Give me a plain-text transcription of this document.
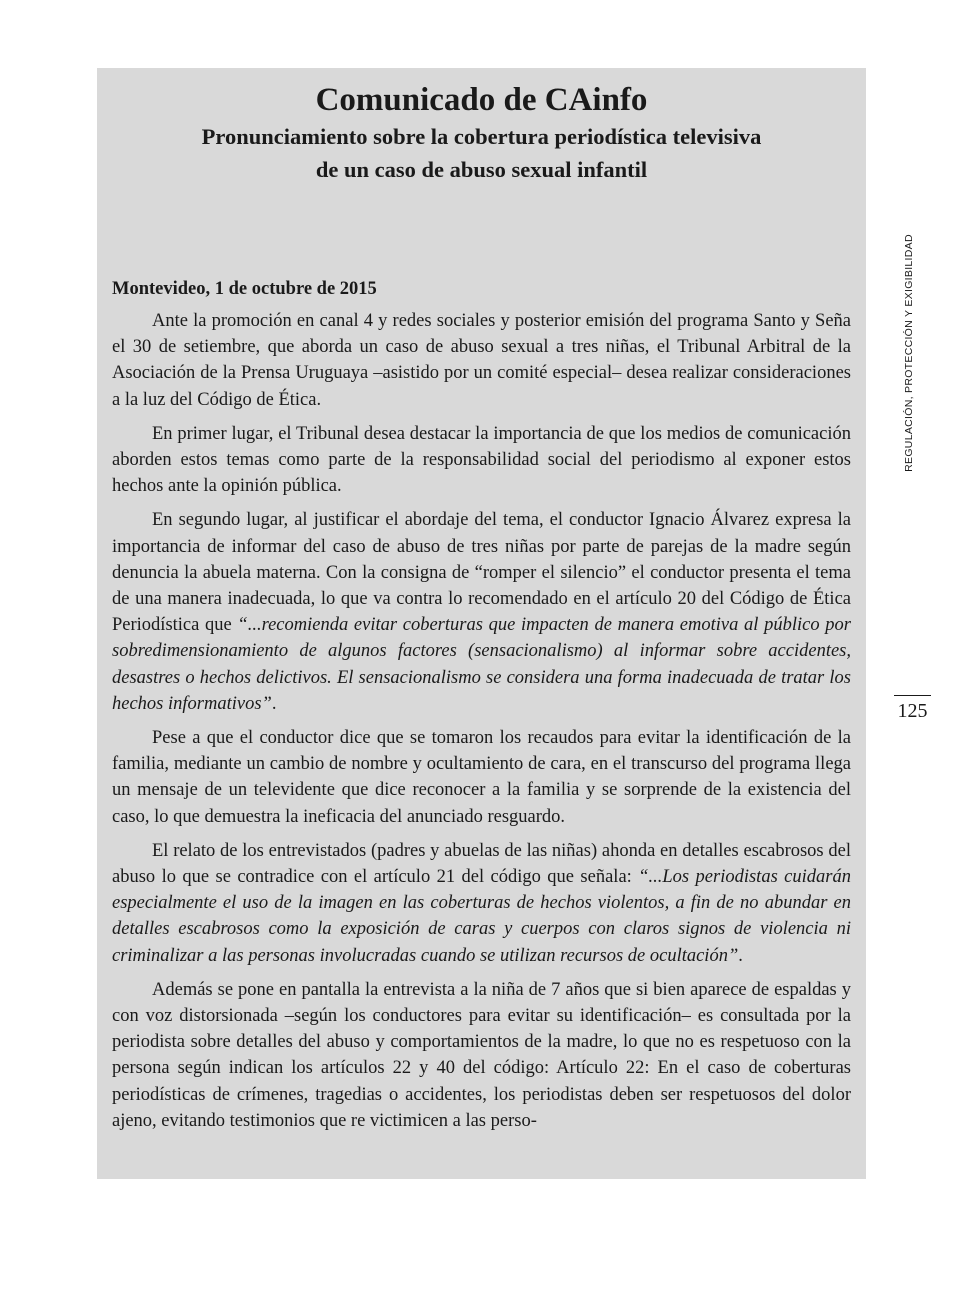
Comunicado de CAinfo
Pronunciamiento sobre la cobertura periodística televisiva de un caso de abuso sexual infantil

Montevideo, 1 de octubre de 2015

Ante la promoción en canal 4 y redes sociales y posterior emisión del programa Santo y Seña el 30 de setiembre, que aborda un caso de abuso sexual a tres niñas, el Tribunal Arbitral de la Asociación de la Prensa Uruguaya –asistido por un comité especial– desea realizar consideraciones a la luz del Código de Ética.

En primer lugar, el Tribunal desea destacar la importancia de que los medios de comunicación aborden estos temas como parte de la responsabilidad social del periodismo al exponer estos hechos ante la opinión pública.

En segundo lugar, al justificar el abordaje del tema, el conductor Ignacio Álvarez expresa la importancia de informar del caso de abuso de tres niñas por parte de parejas de la madre según denuncia la abuela materna. Con la consigna de “romper el silencio” el conductor presenta el tema de una manera inadecuada, lo que va contra lo recomendado en el artículo 20 del Código de Ética Periodística que “...recomienda evitar coberturas que impacten de manera emotiva al público por sobredimensionamiento de algunos factores (sensacionalismo) al informar sobre accidentes, desastres o hechos delictivos. El sensacionalismo se considera una forma inadecuada de tratar los hechos informativos”.

Pese a que el conductor dice que se tomaron los recaudos para evitar la identificación de la familia, mediante un cambio de nombre y ocultamiento de cara, en el transcurso del programa llega un mensaje de un televidente que dice reconocer a la familia y se sorprende de la existencia del caso, lo que demuestra la ineficacia del anunciado resguardo.

El relato de los entrevistados (padres y abuelas de las niñas) ahonda en detalles escabrosos del abuso lo que se contradice con el artículo 21 del código que señala: “...Los periodistas cuidarán especialmente el uso de la imagen en las coberturas de hechos violentos, a fin de no abundar en detalles escabrosos como la exposición de caras y cuerpos con claros signos de violencia ni criminalizar a las personas involucradas cuando se utilizan recursos de ocultación”.

Además se pone en pantalla la entrevista a la niña de 7 años que si bien aparece de espaldas y con voz distorsionada –según los conductores para evitar su identificación– es consultada por la periodista sobre detalles del abuso y comportamientos de la madre, lo que no es respetuoso con la persona según indican los artículos 22 y 40 del código: Artículo 22: En el caso de coberturas periodísticas de crímenes, tragedias o accidentes, los periodistas deben ser respetuosos del dolor ajeno, evitando testimonios que re victimicen a las perso-

REGULACIÓN, PROTECCIÓN Y EXIGIBILIDAD
125
